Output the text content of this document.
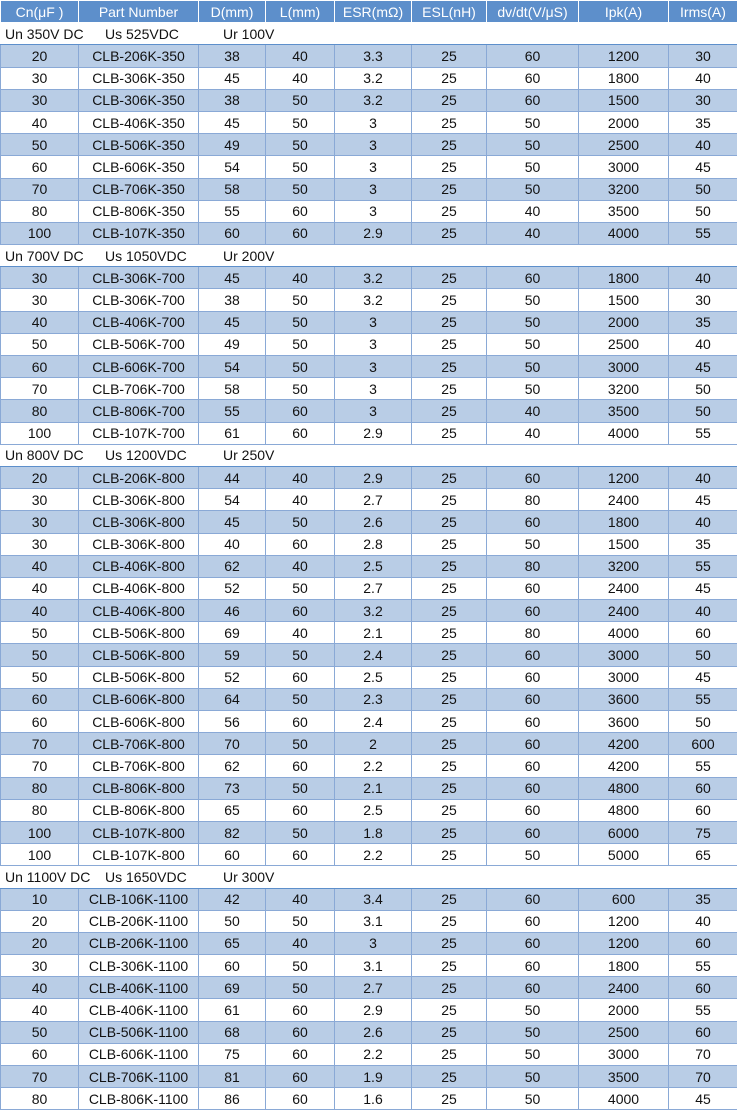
Cn(μF )	Part Number	D(mm)	L(mm)	ESR(mΩ)	ESL(nH)	dv/dt(V/μS)	Ipk(A)	Irms(A)
Un 350V DC Us 525VDC Ur 100V								
20	CLB-206K-350	38	40	3.3	25	60	1200	30
30	CLB-306K-350	45	40	3.2	25	60	1800	40
30	CLB-306K-350	38	50	3.2	25	60	1500	30
40	CLB-406K-350	45	50	3	25	50	2000	35
50	CLB-506K-350	49	50	3	25	50	2500	40
60	CLB-606K-350	54	50	3	25	50	3000	45
70	CLB-706K-350	58	50	3	25	50	3200	50
80	CLB-806K-350	55	60	3	25	40	3500	50
100	CLB-107K-350	60	60	2.9	25	40	4000	55
Un 700V DC Us 1050VDC Ur 200V								
30	CLB-306K-700	45	40	3.2	25	60	1800	40
30	CLB-306K-700	38	50	3.2	25	50	1500	30
40	CLB-406K-700	45	50	3	25	50	2000	35
50	CLB-506K-700	49	50	3	25	50	2500	40
60	CLB-606K-700	54	50	3	25	50	3000	45
70	CLB-706K-700	58	50	3	25	50	3200	50
80	CLB-806K-700	55	60	3	25	40	3500	50
100	CLB-107K-700	61	60	2.9	25	40	4000	55
Un 800V DC Us 1200VDC Ur 250V								
20	CLB-206K-800	44	40	2.9	25	60	1200	40
30	CLB-306K-800	54	40	2.7	25	80	2400	45
30	CLB-306K-800	45	50	2.6	25	60	1800	40
30	CLB-306K-800	40	60	2.8	25	50	1500	35
40	CLB-406K-800	62	40	2.5	25	80	3200	55
40	CLB-406K-800	52	50	2.7	25	60	2400	45
40	CLB-406K-800	46	60	3.2	25	60	2400	40
50	CLB-506K-800	69	40	2.1	25	80	4000	60
50	CLB-506K-800	59	50	2.4	25	60	3000	50
50	CLB-506K-800	52	60	2.5	25	60	3000	45
60	CLB-606K-800	64	50	2.3	25	60	3600	55
60	CLB-606K-800	56	60	2.4	25	60	3600	50
70	CLB-706K-800	70	50	2	25	60	4200	600
70	CLB-706K-800	62	60	2.2	25	60	4200	55
80	CLB-806K-800	73	50	2.1	25	60	4800	60
80	CLB-806K-800	65	60	2.5	25	60	4800	60
100	CLB-107K-800	82	50	1.8	25	60	6000	75
100	CLB-107K-800	60	60	2.2	25	50	5000	65
Un 1100V DC Us 1650VDC Ur 300V								
10	CLB-106K-1100	42	40	3.4	25	60	600	35
20	CLB-206K-1100	50	50	3.1	25	60	1200	40
20	CLB-206K-1100	65	40	3	25	60	1200	60
30	CLB-306K-1100	60	50	3.1	25	60	1800	55
40	CLB-406K-1100	69	50	2.7	25	60	2400	60
40	CLB-406K-1100	61	60	2.9	25	50	2000	55
50	CLB-506K-1100	68	60	2.6	25	50	2500	60
60	CLB-606K-1100	75	60	2.2	25	50	3000	70
70	CLB-706K-1100	81	60	1.9	25	50	3500	70
80	CLB-806K-1100	86	60	1.6	25	50	4000	45
